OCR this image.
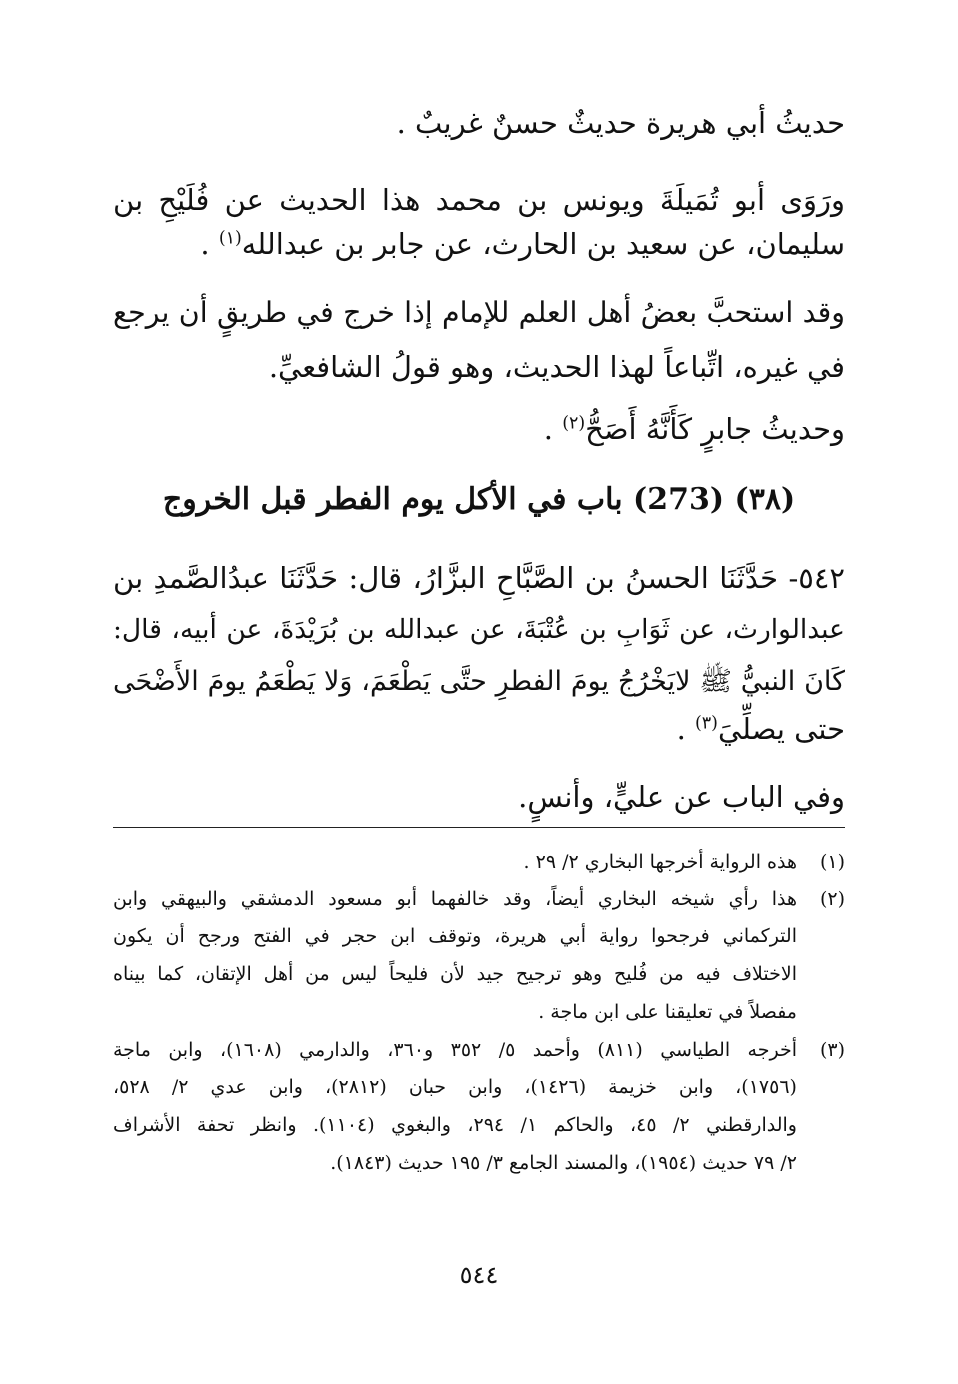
حديثُ أبي هريرة حديثٌ حسنٌ غريبٌ .
ورَوَى أبو تُمَيلَةَ ويونس بن محمد هذا الحديث عن فُلَيْحِ بن
سليمان، عن سعيد بن الحارث، عن جابر بن عبدالله$^{(١)}$ .
وقد استحبَّ بعضُ أهل العلم للإمام إذا خرج في طريقٍ أن يرجع
في غيره، اتِّباعاً لهذا الحديث، وهو قولُ الشافعيِّ.
وحديثُ جابرٍ كَأَنَّهُ أَصَحُّ$^{(٢)}$ .
(٣٨) (273) باب في الأكل يوم الفطر قبل الخروج
٥٤٢- حَدَّثَنَا الحسنُ بن الصَّبَّاحِ البزَّارُ، قال: حَدَّثَنَا عبدُالصَّمدِ بن
عبدالوارث، عن ثَوَابِ بن عُتْبَةَ، عن عبدالله بن بُرَيْدَةَ، عن أبيه، قال:
كَانَ النبيُّ ﷺ لايَخْرُجُ يومَ الفطرِ حتَّى يَطْعَمَ، وَلا يَطْعَمُ يومَ الأَضْحَى
حتى يصلِّيَ$^{(٣)}$ .
وفي الباب عن عليٍّ، وأنسٍ.
(١)
هذه الرواية أخرجها البخاري ٢/ ٢٩ .
(٢)
هذا رأي شيخه البخاري أيضاً، وقد خالفهما أبو مسعود الدمشقي والبيهقي وابن
التركماني فرجحوا رواية أبي هريرة، وتوقف ابن حجر في الفتح ورجح أن يكون
الاختلاف فيه من فُليح وهو ترجيح جيد لأن فليحاً ليس من أهل الإتقان، كما بيناه
مفصلاً في تعليقنا على ابن ماجة .
(٣)
أخرجه الطياسي (٨١١) وأحمد ٥/ ٣٥٢ و٣٦٠، والدارمي (١٦٠٨)، وابن ماجة
(١٧٥٦)، وابن خزيمة (١٤٢٦)، وابن حبان (٢٨١٢)، وابن عدي ٢/ ٥٢٨،
والدارقطني ٢/ ٤٥، والحاكم ١/ ٢٩٤، والبغوي (١١٠٤). وانظر تحفة الأشراف
٢/ ٧٩ حديث (١٩٥٤)، والمسند الجامع ٣/ ١٩٥ حديث (١٨٤٣).
٥٤٤
